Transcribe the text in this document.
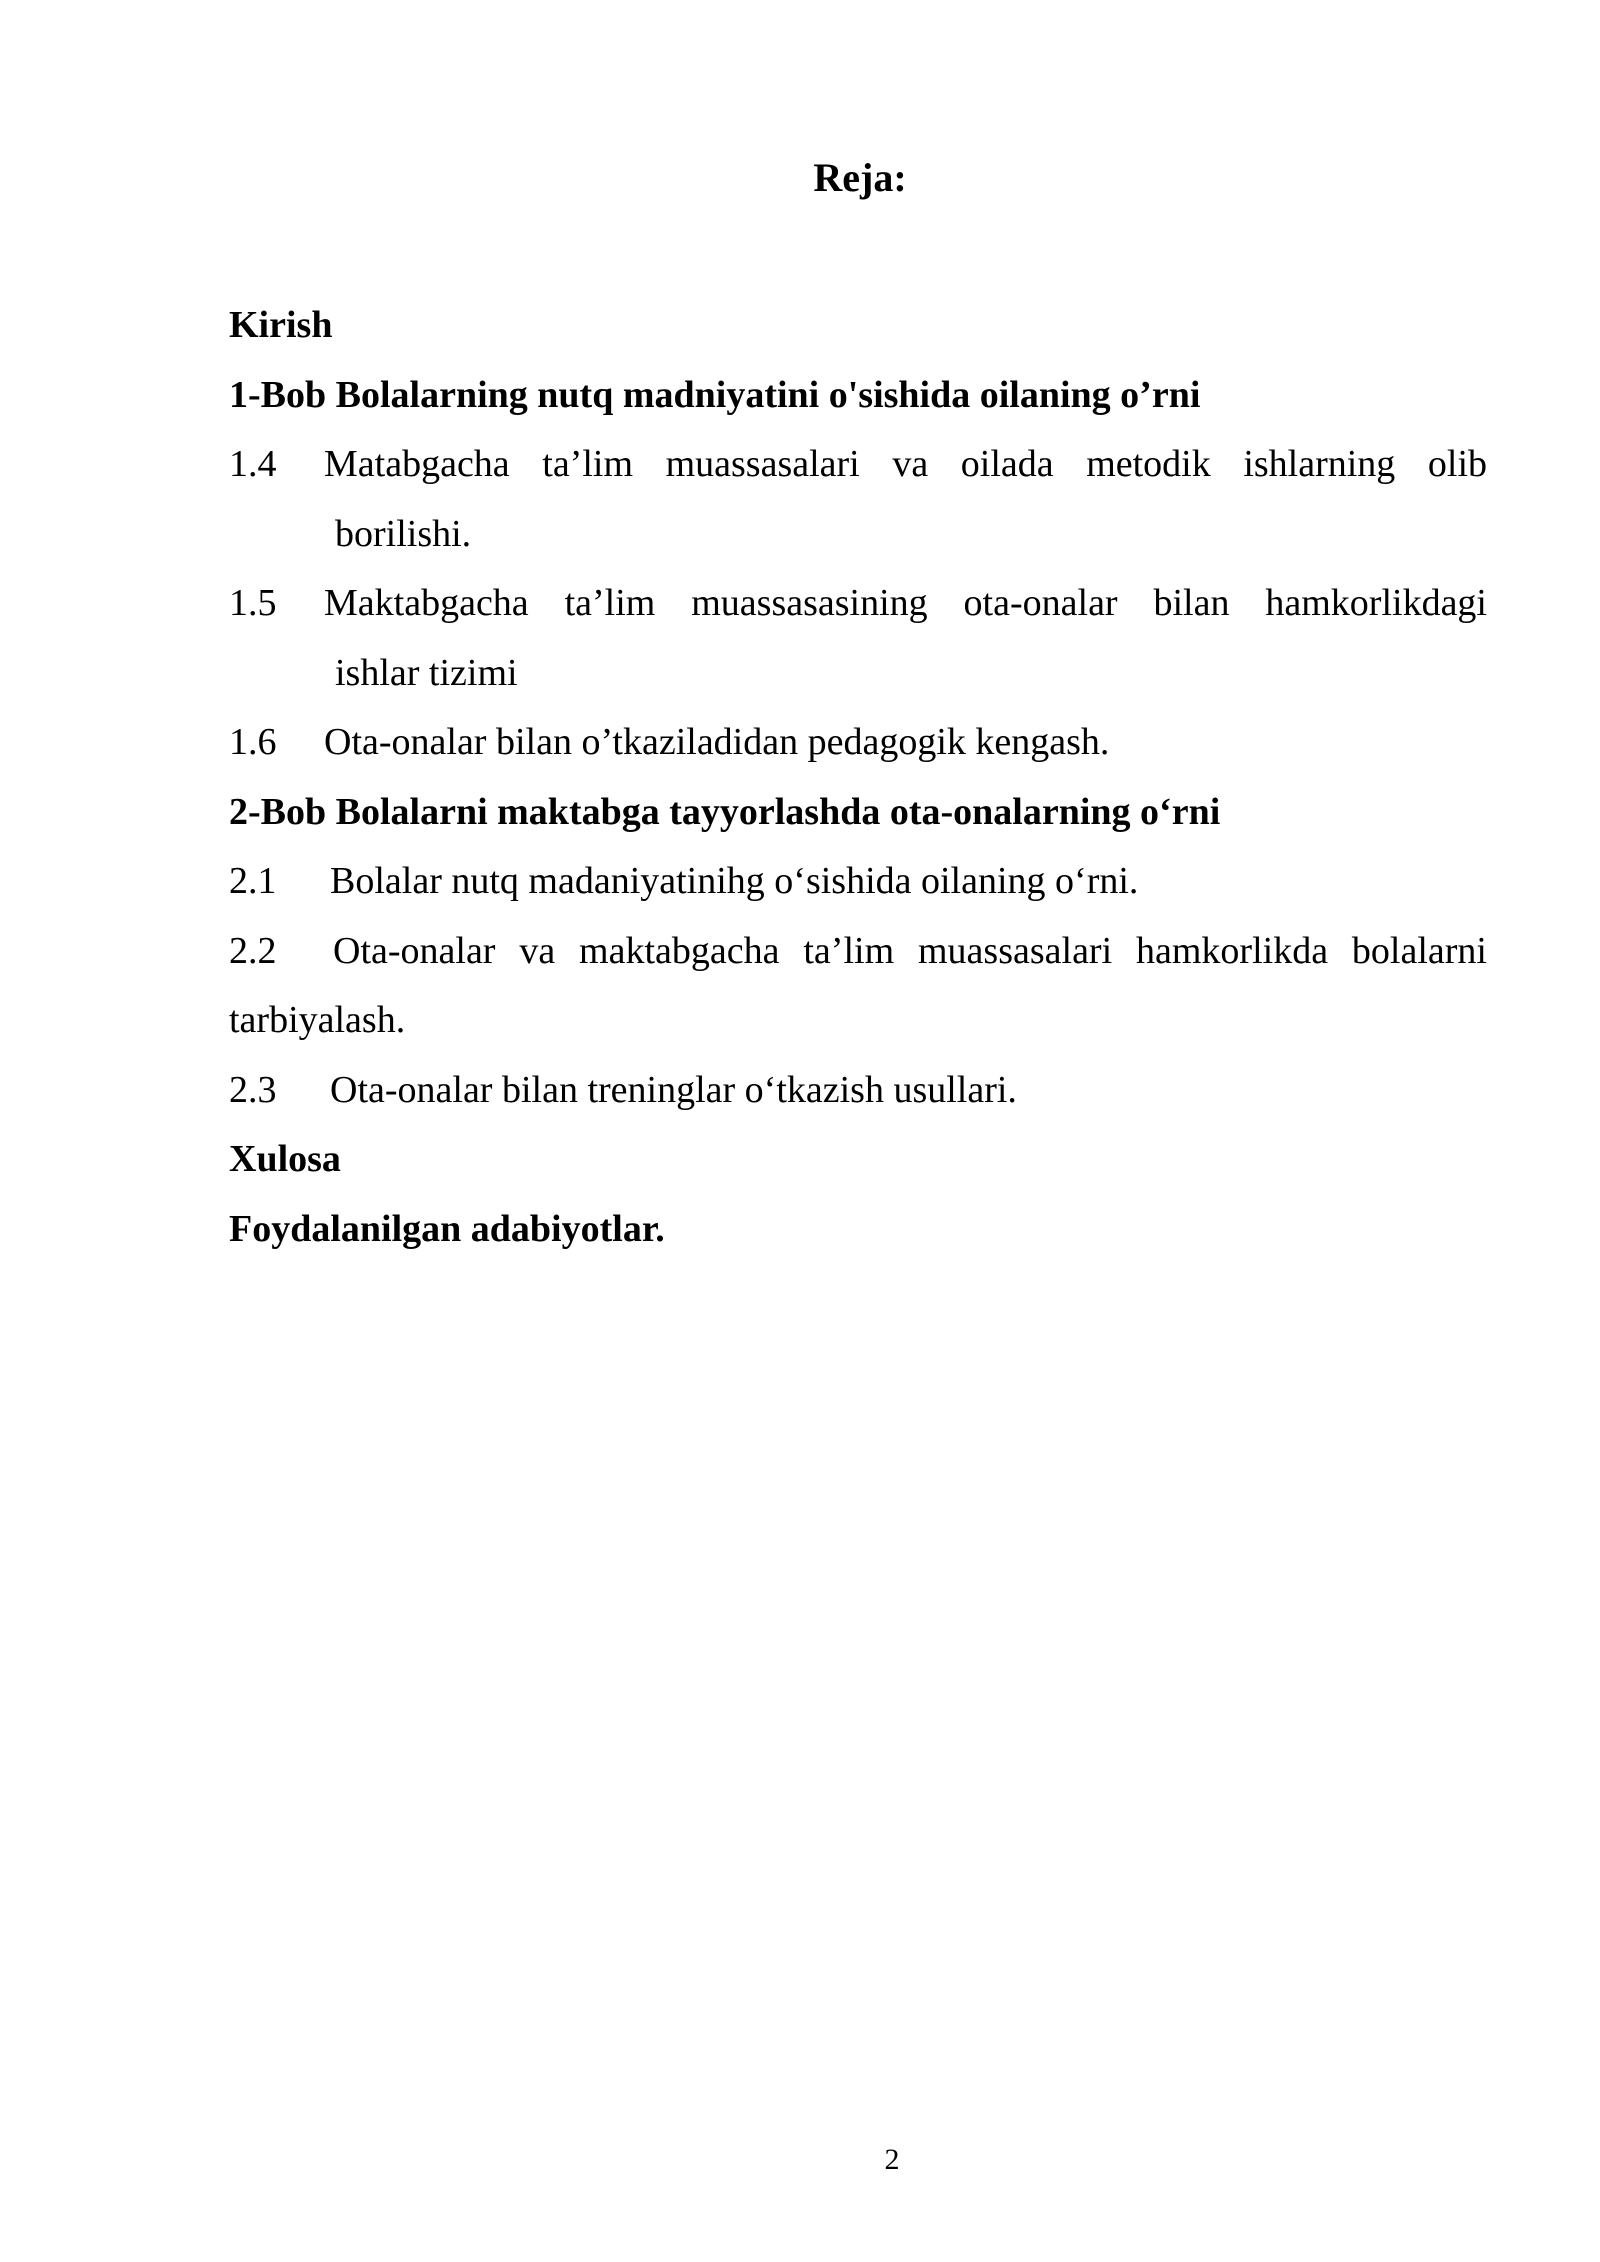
Reja:

Kirish

1-Bob Bolalarning nutq madniyatini o'sishida oilaning o’rni

1.4	Matabgacha ta’lim muassasalari va oilada metodik ishlarning olib

borilishi.

1.5	Maktabgacha ta’lim muassasasining ota-onalar bilan hamkorlikdagi

ishlar tizimi

1.6	Ota-onalar bilan o’tkaziladidan pedagogik kengash.

2-Bob Bolalarni maktabga tayyorlashda ota-onalarning o‘rni

2.1	Bolalar nutq madaniyatinihg o‘sishida oilaning o‘rni.
2.2	Ota-onalar va maktabgacha ta’lim muassasalari hamkorlikda bolalarni

tarbiyalash.

2.3	Ota-onalar bilan treninglar o‘tkazish usullari.

Xulosa

Foydalanilgan adabiyotlar.

2
